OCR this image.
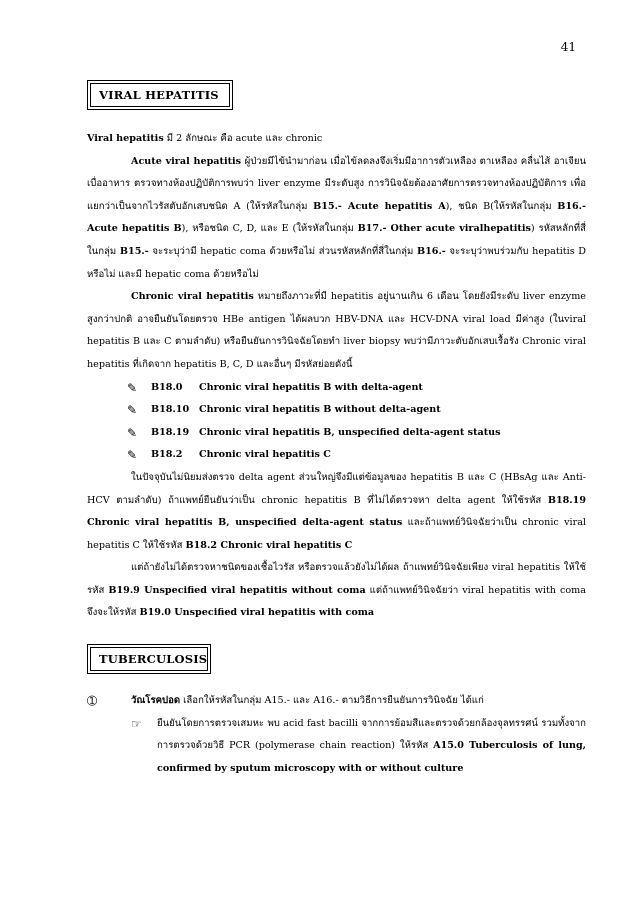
41
VIRAL HEPATITIS

Viral hepatitis มี 2 ลักษณะ คือ acute และ chronic

Acute viral hepatitis ผู้ป่วยมีไข้นำมาก่อน เมื่อไข้ลดลงจึงเริ่มมีอาการตัวเหลือง ตาเหลือง คลื่นไส้ อาเจียนเบื่ออาหาร ตรวจทางห้องปฏิบัติการพบว่า liver enzyme มีระดับสูง การวินิจฉัยต้องอาศัยการตรวจทางห้องปฏิบัติการ เพื่อแยกว่าเป็นจากไวรัสตับอักเสบชนิด A (ให้รหัสในกลุ่ม B15.- Acute hepatitis A), ชนิด B(ให้รหัสในกลุ่ม B16.- Acute hepatitis B), หรือชนิด C, D, และ E (ให้รหัสในกลุ่ม B17.- Other acute viralhepatitis) รหัสหลักที่สี่ในกลุ่ม B15.- จะระบุว่ามี hepatic coma ด้วยหรือไม่ ส่วนรหัสหลักที่สี่ในกลุ่ม B16.- จะระบุว่าพบร่วมกับ hepatitis D หรือไม่ และมี hepatic coma ด้วยหรือไม่

Chronic viral hepatitis หมายถึงภาวะที่มี hepatitis อยู่นานเกิน 6 เดือน โดยยังมีระดับ liver enzyme สูงกว่าปกติ อาจยืนยันโดยตรวจ HBe antigen ได้ผลบวก HBV-DNA และ HCV-DNA viral load มีค่าสูง (ในviral hepatitis B และ C ตามลำดับ) หรือยืนยันการวินิจฉัยโดยทำ liver biopsy พบว่ามีภาวะตับอักเสบเรื้อรัง Chronic viral hepatitis ที่เกิดจาก hepatitis B, C, D และอื่นๆ มีรหัสย่อยดังนี้

✎	B18.0	Chronic viral hepatitis B with delta-agent
✎	B18.10	Chronic viral hepatitis B without delta-agent
✎	B18.19	Chronic viral hepatitis B, unspecified delta-agent status
✎	B18.2	Chronic viral hepatitis C

ในปัจจุบันไม่นิยมส่งตรวจ delta agent ส่วนใหญ่จึงมีแต่ข้อมูลของ hepatitis B และ C (HBsAg และ Anti-HCV ตามลำดับ) ถ้าแพทย์ยืนยันว่าเป็น chronic hepatitis B ที่ไม่ได้ตรวจหา delta agent ให้ใช้รหัส B18.19 Chronic viral hepatitis B, unspecified delta-agent status และถ้าแพทย์วินิจฉัยว่าเป็น chronic viral hepatitis C ให้ใช้รหัส B18.2 Chronic viral hepatitis C

แต่ถ้ายังไม่ได้ตรวจหาชนิดของเชื้อไวรัส หรือตรวจแล้วยังไม่ได้ผล ถ้าแพทย์วินิจฉัยเพียง viral hepatitis ให้ใช้ รหัส B19.9 Unspecified viral hepatitis without coma แต่ถ้าแพทย์วินิจฉัยว่า viral hepatitis with coma จึงจะให้รหัส B19.0 Unspecified viral hepatitis with coma

TUBERCULOSIS
➀	วัณโรคปอด เลือกให้รหัสในกลุ่ม A15.- และ A16.- ตามวิธีการยืนยันการวินิจฉัย ได้แก่
☞	ยืนยันโดยการตรวจเสมหะ พบ acid fast bacilli จากการย้อมสีและตรวจด้วยกล้องจุลทรรศน์ รวมทั้งจากการตรวจด้วยวิธี PCR (polymerase chain reaction) ให้รหัส A15.0 Tuberculosis of lung, confirmed by sputum microscopy with or without culture
